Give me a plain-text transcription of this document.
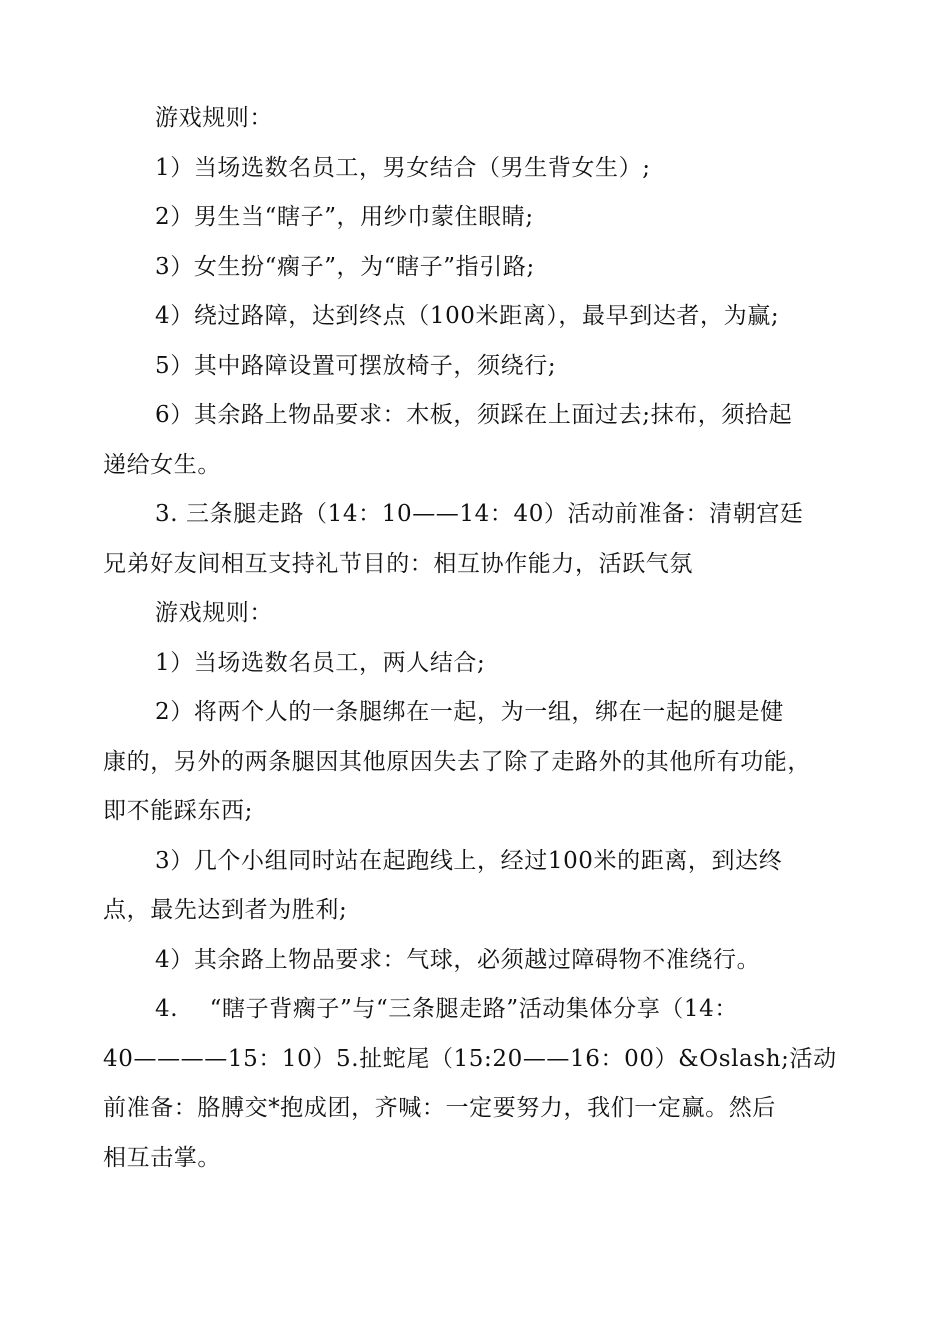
游戏规则：
1）当场选数名员工，男女结合（男生背女生）;
2）男生当“瞎子”，用纱巾蒙住眼睛;
3）女生扮“瘸子”，为“瞎子”指引路;
4）绕过路障，达到终点（100米距离），最早到达者，为赢;
5）其中路障设置可摆放椅子，须绕行;
6）其余路上物品要求：木板，须踩在上面过去;抹布，须拾起
递给女生。
3. 三条腿走路（14：10——14：40）活动前准备：清朝宫廷
兄弟好友间相互支持礼节目的：相互协作能力，活跃气氛
游戏规则：
1）当场选数名员工，两人结合;
2）将两个人的一条腿绑在一起，为一组，绑在一起的腿是健
康的，另外的两条腿因其他原因失去了除了走路外的其他所有功能，
即不能踩东西;
3）几个小组同时站在起跑线上，经过100米的距离，到达终
点，最先达到者为胜利;
4）其余路上物品要求：气球，必须越过障碍物不准绕行。
4.　 “瞎子背瘸子”与“三条腿走路”活动集体分享（14：
40————15：10）5.扯蛇尾（15:20——16：00）&Oslash;活动
前准备：胳膊交*抱成团，齐喊：一定要努力，我们一定赢。然后
相互击掌。
